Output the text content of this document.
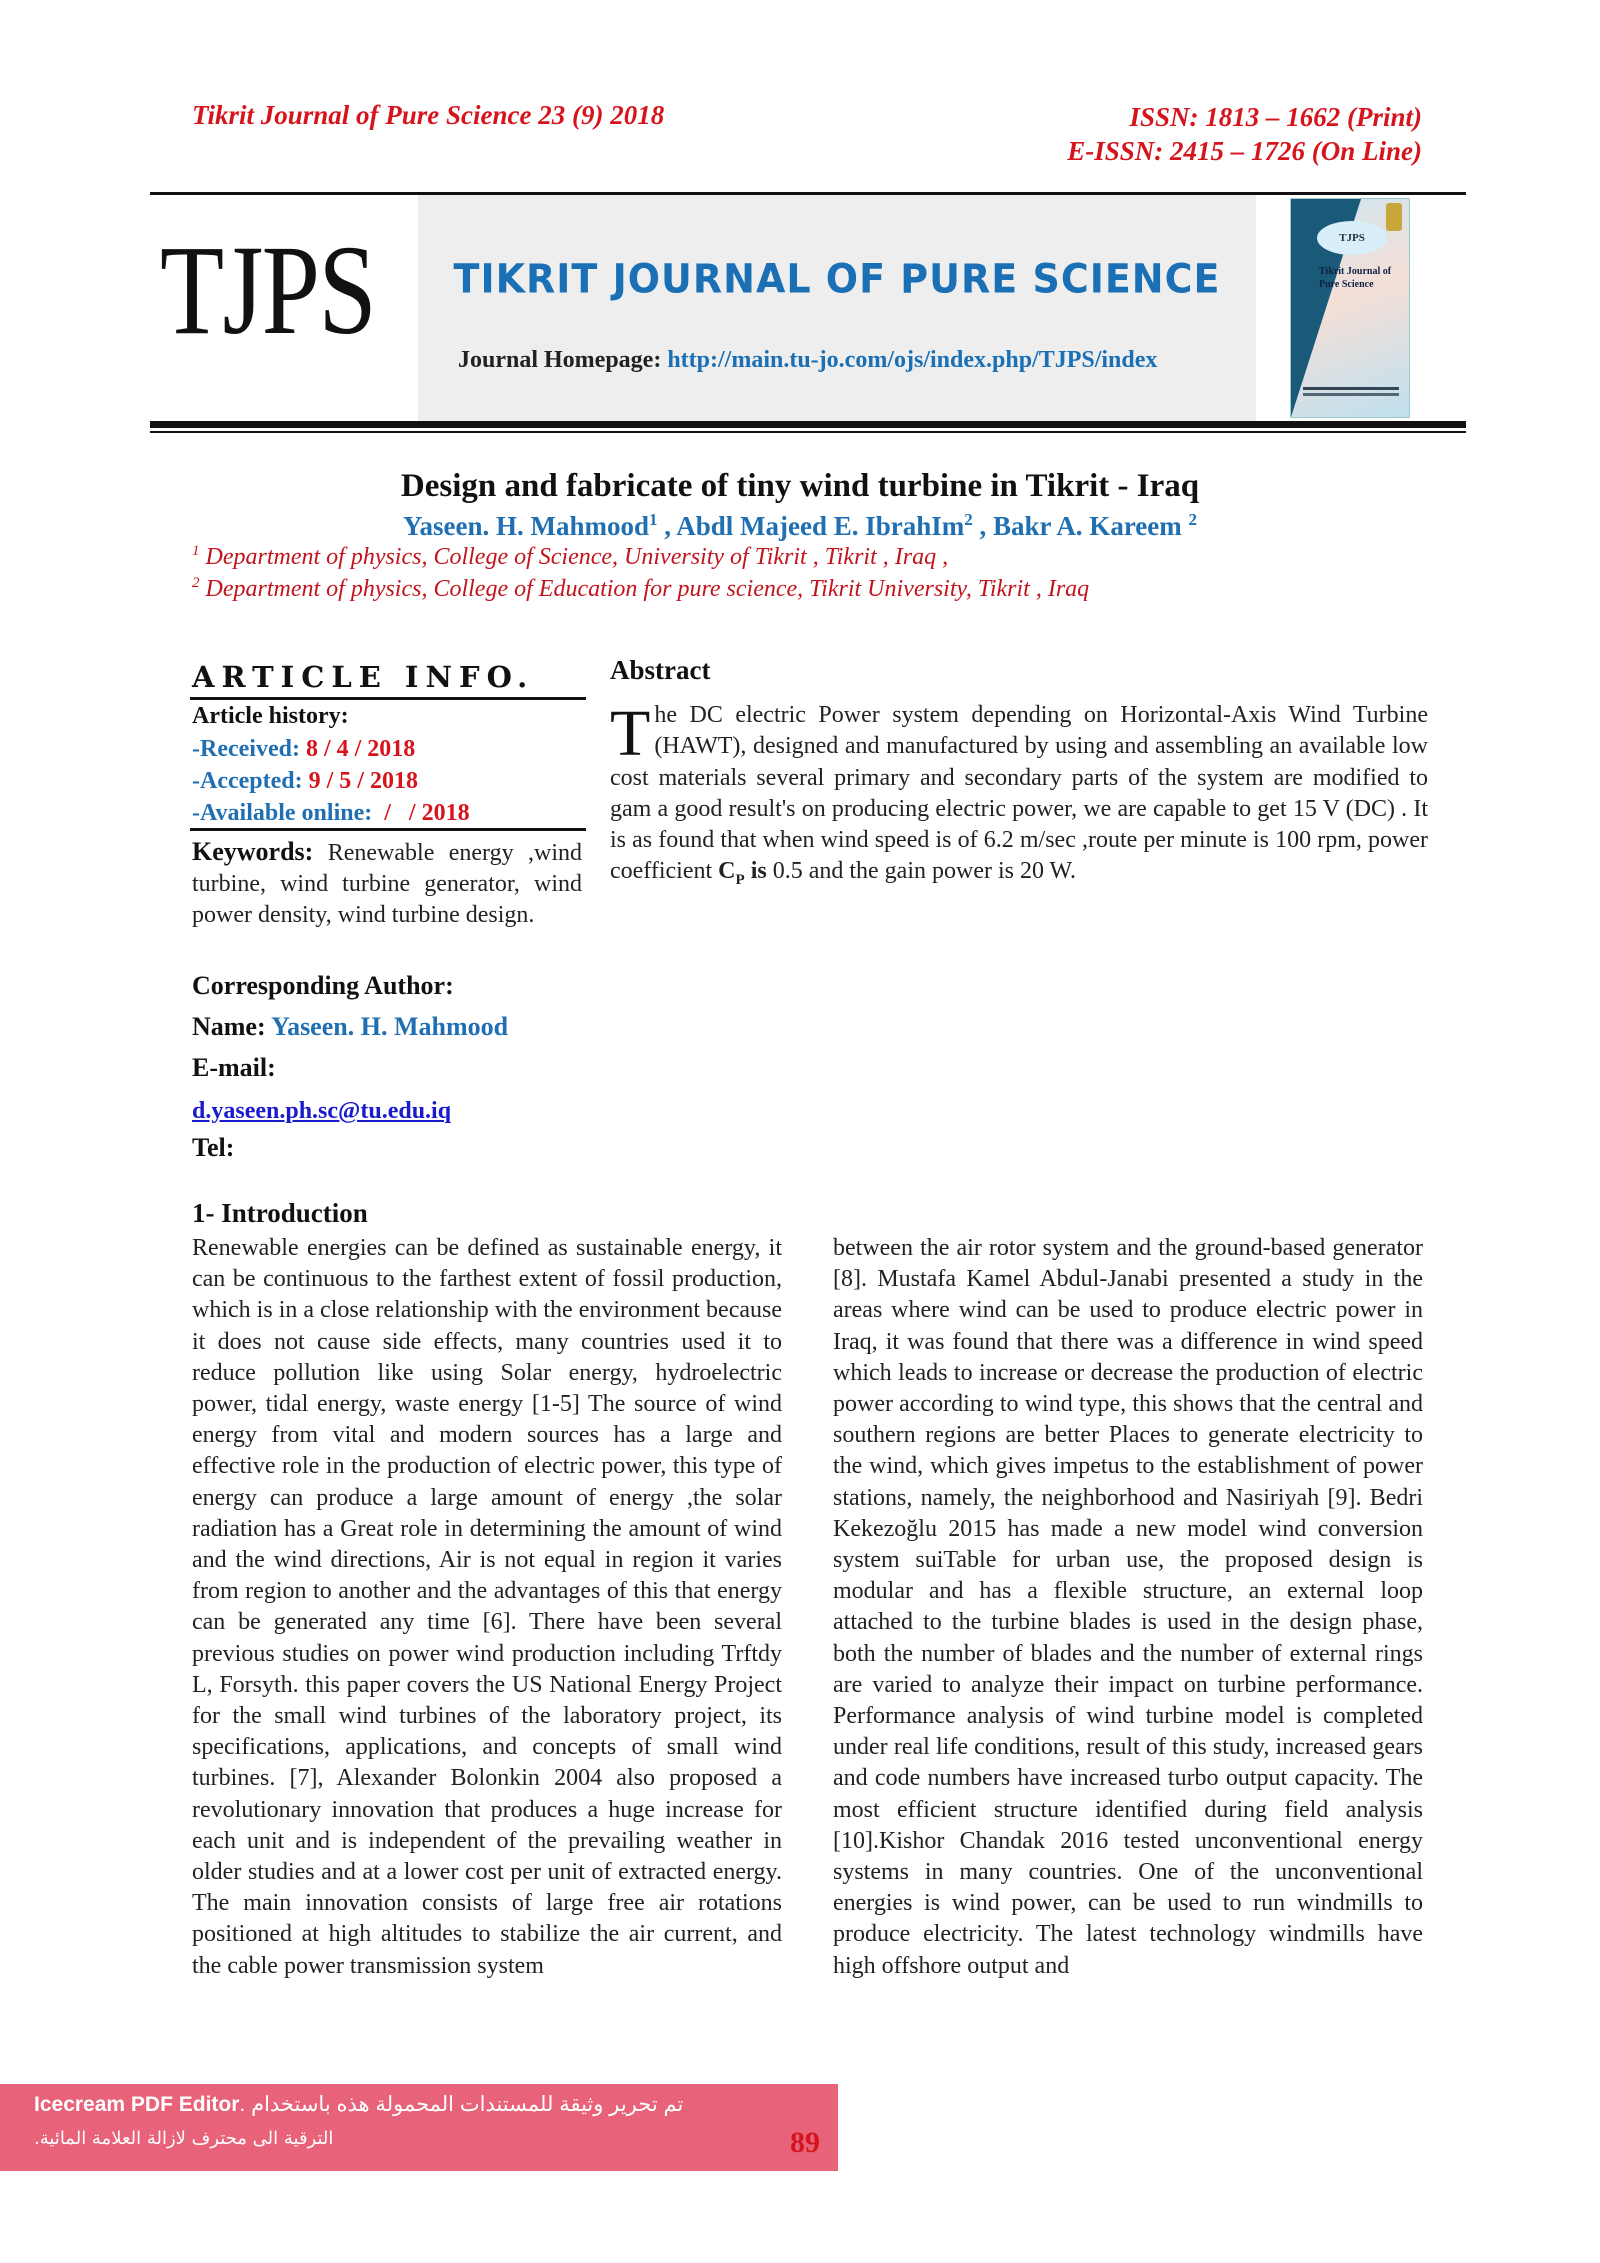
Tikrit Journal of Pure Science 23 (9) 2018	ISSN: 1813 – 1662 (Print)
E-ISSN: 2415 – 1726 (On Line)
TJPS	TIKRIT JOURNAL OF PURE SCIENCE
Journal Homepage: http://main.tu-jo.com/ojs/index.php/TJPS/index
TJPS
Tikrit Journal of Pure Science
Design and fabricate of tiny wind turbine in Tikrit - Iraq
Yaseen. H. Mahmood$^1$ , Abdl Majeed E. IbrahIm$^2$ , Bakr A. Kareem $^2$
$^1$ Department of physics, College of Science, University of Tikrit , Tikrit , Iraq ,
$^2$ Department of physics, College of Education for pure science, Tikrit University, Tikrit , Iraq
ARTICLE INFO.
Article history:
-Received: 8 / 4 / 2018
-Accepted: 9 / 5 / 2018
-Available online:  /   / 2018
Keywords: Renewable energy ,wind turbine, wind turbine generator, wind power density, wind turbine design.
Corresponding Author:
Name: Yaseen. H. Mahmood
E-mail:
d.yaseen.ph.sc@tu.edu.iq
Tel:
Abstract
The DC electric Power system depending on Horizontal-Axis Wind Turbine (HAWT), designed and manufactured by using and assembling an available low cost materials several primary and secondary parts of the system are modified to gam a good result's on producing electric power, we are capable to get 15 V (DC) . It is as found that when wind speed is of 6.2 m/sec ,route per minute is 100 rpm, power coefficient $C_P$ is 0.5 and the gain power is 20 W.
1- Introduction
Renewable energies can be defined as sustainable energy, it can be continuous to the farthest extent of fossil production, which is in a close relationship with the environment because it does not cause side effects, many countries used it to reduce pollution like using Solar energy, hydroelectric power, tidal energy, waste energy [1-5] The source of wind energy from vital and modern sources has a large and effective role in the production of electric power, this type of energy can produce a large amount of energy ,the solar radiation has a Great role in determining the amount of wind and the wind directions, Air is not equal in region it varies from region to another and the advantages of this that energy can be generated any time [6]. There have been several previous studies on power wind production including Trftdy L, Forsyth. this paper covers the US National Energy Project for the small wind turbines of the laboratory project, its specifications, applications, and concepts of small wind turbines. [7], Alexander Bolonkin 2004 also proposed a revolutionary innovation that produces a huge increase for each unit and is independent of the prevailing weather in older studies and at a lower cost per unit of extracted energy. The main innovation consists of large free air rotations positioned at high altitudes to stabilize the air current, and the cable power transmission system
between the air rotor system and the ground-based generator [8]. Mustafa Kamel Abdul-Janabi presented a study in the areas where wind can be used to produce electric power in Iraq, it was found that there was a difference in wind speed which leads to increase or decrease the production of electric power according to wind type, this shows that the central and southern regions are better Places to generate electricity to the wind, which gives impetus to the establishment of power stations, namely, the neighborhood and Nasiriyah [9]. Bedri Kekezoğlu 2015 has made a new model wind conversion system suiTable for urban use, the proposed design is modular and has a flexible structure, an external loop attached to the turbine blades is used in the design phase, both the number of blades and the number of external rings are varied to analyze their impact on turbine performance. Performance analysis of wind turbine model is completed under real life conditions, result of this study, increased gears and code numbers have increased turbo output capacity. The most efficient structure identified during field analysis [10].Kishor Chandak 2016 tested unconventional energy systems in many countries. One of the unconventional energies is wind power, can be used to run windmills to produce electricity. The latest technology windmills have high offshore output and
Icecream PDF Editor تم تحرير وثيقة للمستندات المحمولة هذه باستخدام .
الترقية الى محترف لازالة العلامة المائية.	89
